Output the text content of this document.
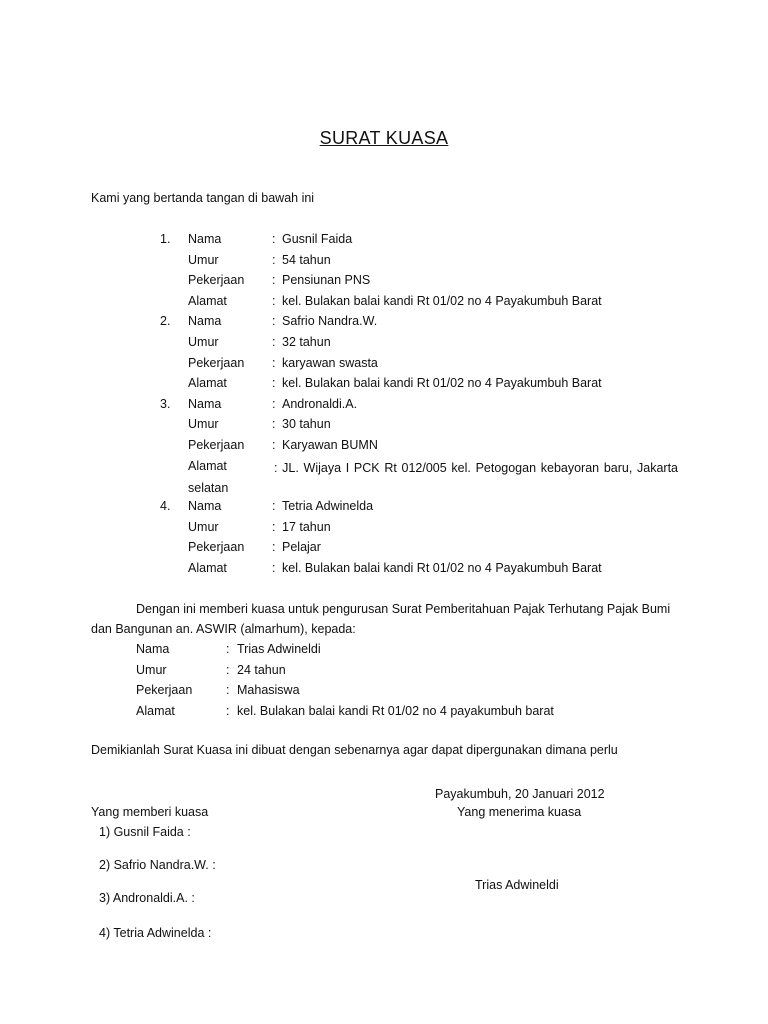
SURAT KUASA
Kami yang bertanda tangan di bawah ini
1. Nama	: Gusnil Faida
Umur	: 54 tahun
Pekerjaan : Pensiunan PNS
Alamat	: kel. Bulakan balai kandi Rt 01/02 no 4 Payakumbuh Barat
2. Nama	: Safrio Nandra.W.
Umur	: 32 tahun
Pekerjaan : karyawan swasta
Alamat	: kel. Bulakan balai kandi Rt 01/02 no 4 Payakumbuh Barat
3. Nama	: Andronaldi.A.
Umur	: 30 tahun
Pekerjaan : Karyawan BUMN
Alamat	: JL. Wijaya I PCK Rt 012/005 kel. Petogogan kebayoran baru, Jakarta selatan
4. Nama	: Tetria Adwinelda
Umur	: 17 tahun
Pekerjaan : Pelajar
Alamat	: kel. Bulakan balai kandi Rt 01/02 no 4 Payakumbuh Barat
Dengan ini memberi kuasa untuk pengurusan Surat Pemberitahuan Pajak Terhutang Pajak Bumi dan Bangunan an. ASWIR (almarhum), kepada:
Nama	: Trias Adwineldi
Umur	: 24 tahun
Pekerjaan	: Mahasiswa
Alamat	: kel. Bulakan balai kandi Rt 01/02 no 4 payakumbuh barat
Demikianlah Surat Kuasa ini dibuat dengan sebenarnya agar dapat dipergunakan dimana perlu
Payakumbuh, 20 Januari 2012
Yang memberi kuasa	Yang menerima kuasa
1) Gusnil Faida :
2) Safrio Nandra.W. :
3) Andronaldi.A. :
4) Tetria Adwinelda :
Trias Adwineldi
